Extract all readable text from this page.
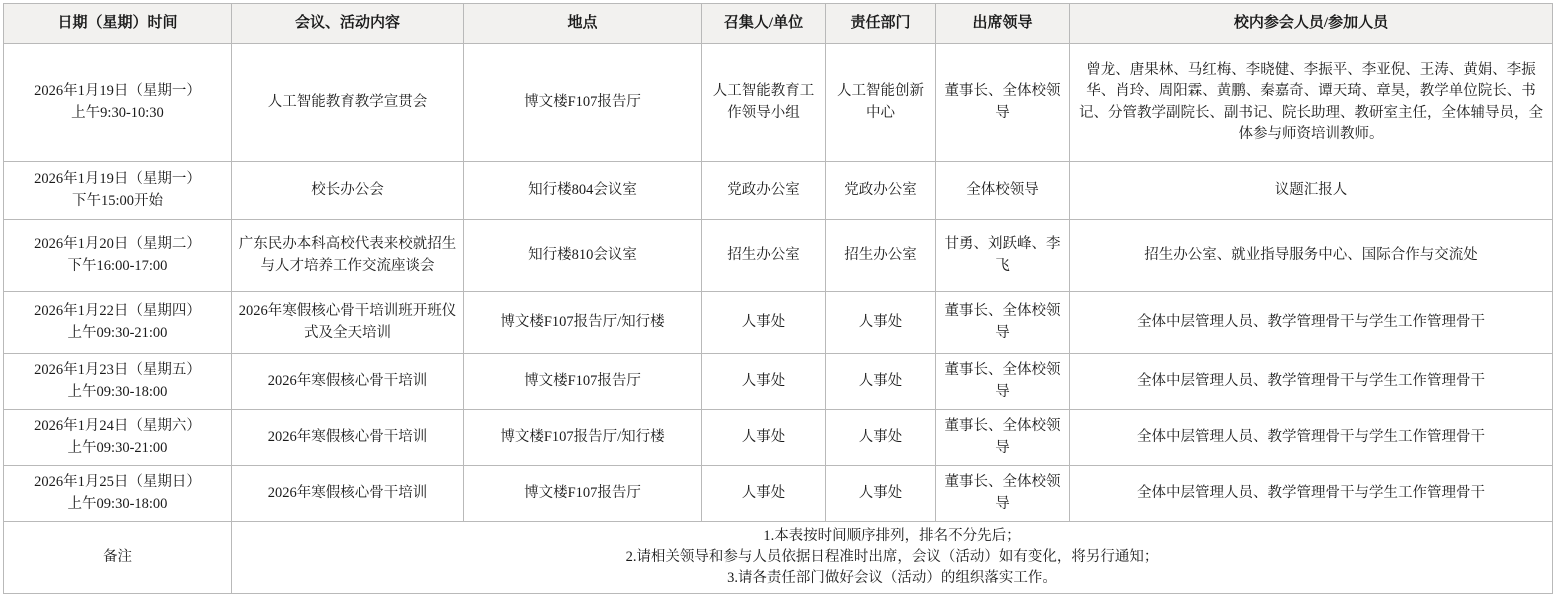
日期（星期）时间	会议、活动内容	地点	召集人/单位	责任部门	出席领导	校内参会人员/参加人员

2026年1月19日（星期一）
上午9:30-10:30	人工智能教育教学宣贯会	博文楼F107报告厅	人工智能教育工作领导小组	人工智能创新中心	董事长、全体校领导	曾龙、唐果林、马红梅、李晓健、李振平、李亚倪、王涛、黄娟、李振华、肖玲、周阳霖、黄鹏、秦嘉奇、谭天琦、章昊，教学单位院长、书记、分管教学副院长、副书记、院长助理、教研室主任，全体辅导员，全体参与师资培训教师。

2026年1月19日（星期一）
下午15:00开始	校长办公会	知行楼804会议室	党政办公室	党政办公室	全体校领导	议题汇报人

2026年1月20日（星期二）
下午16:00-17:00	广东民办本科高校代表来校就招生与人才培养工作交流座谈会	知行楼810会议室	招生办公室	招生办公室	甘勇、刘跃峰、李飞	招生办公室、就业指导服务中心、国际合作与交流处

2026年1月22日（星期四）
上午09:30-21:00	2026年寒假核心骨干培训班开班仪式及全天培训	博文楼F107报告厅/知行楼	人事处	人事处	董事长、全体校领导	全体中层管理人员、教学管理骨干与学生工作管理骨干

2026年1月23日（星期五）
上午09:30-18:00	2026年寒假核心骨干培训	博文楼F107报告厅	人事处	人事处	董事长、全体校领导	全体中层管理人员、教学管理骨干与学生工作管理骨干

2026年1月24日（星期六）
上午09:30-21:00	2026年寒假核心骨干培训	博文楼F107报告厅/知行楼	人事处	人事处	董事长、全体校领导	全体中层管理人员、教学管理骨干与学生工作管理骨干

2026年1月25日（星期日）
上午09:30-18:00	2026年寒假核心骨干培训	博文楼F107报告厅	人事处	人事处	董事长、全体校领导	全体中层管理人员、教学管理骨干与学生工作管理骨干
备注	1.本表按时间顺序排列，排名不分先后；
2.请相关领导和参与人员依据日程准时出席，会议（活动）如有变化，将另行通知；
3.请各责任部门做好会议（活动）的组织落实工作。					
